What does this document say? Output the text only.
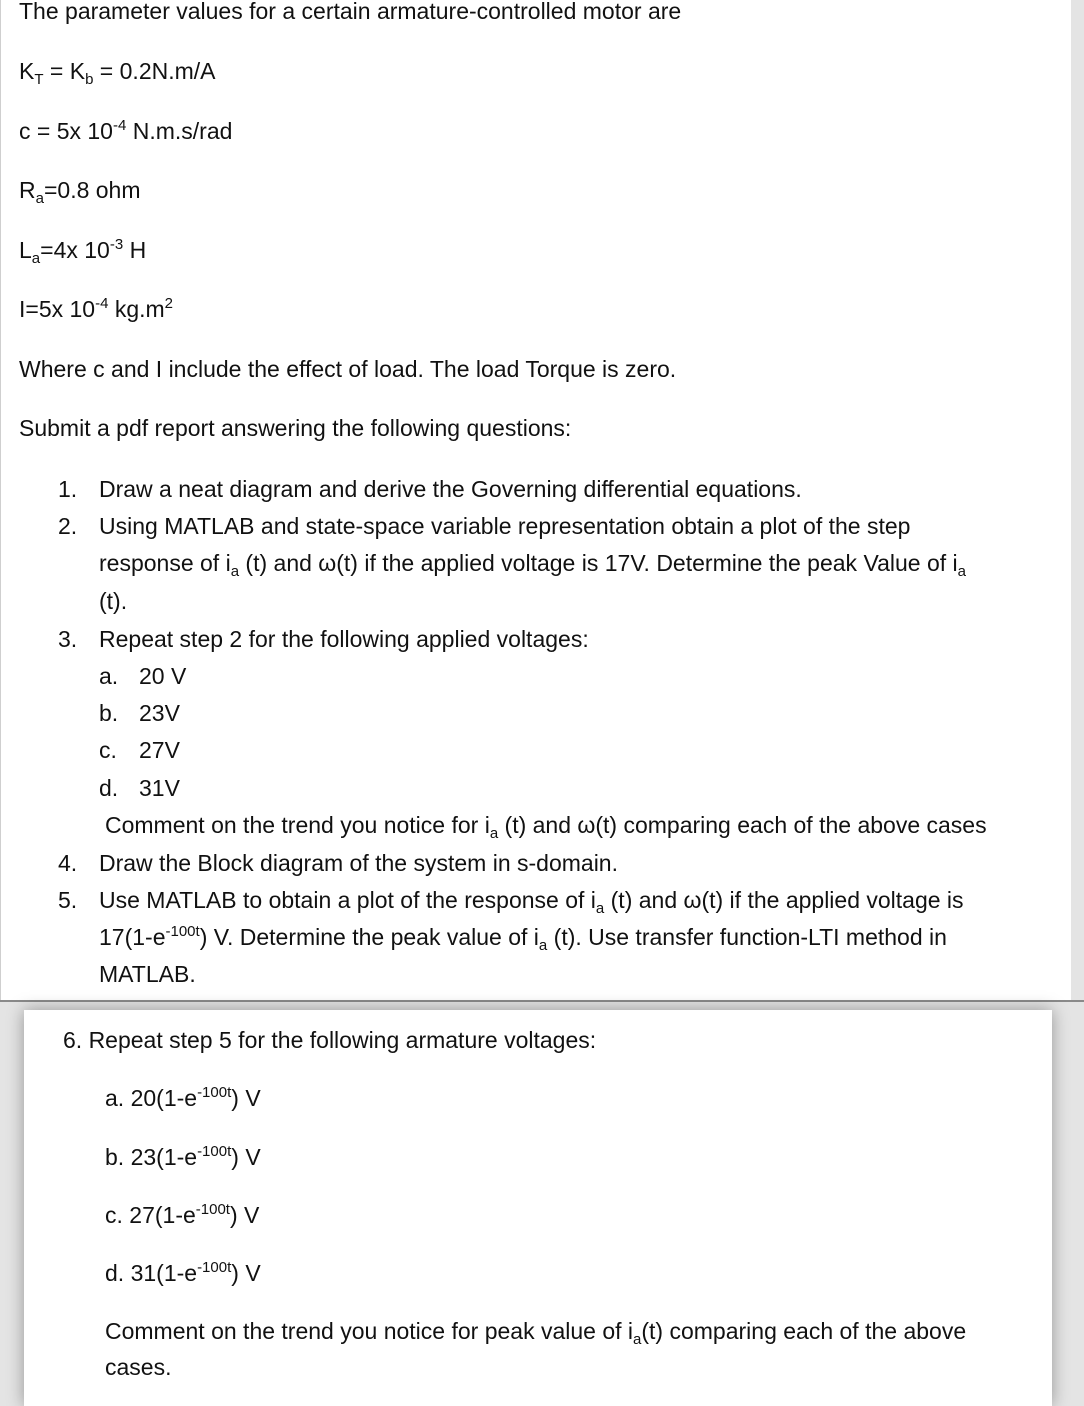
The parameter values for a certain armature-controlled motor are
$K_T = K_b = 0.2N.m/A$
c = 5x $10^{-4}$ N.m.s/rad
$R_a=0.8$ ohm
$L_a=4x$ $10^{-3}$ H
I=5x $10^{-4}$ $kg.m^2$
Where c and I include the effect of load. The load Torque is zero.
Submit a pdf report answering the following questions:
1. Draw a neat diagram and derive the Governing differential equations.
2. Using MATLAB and state-space variable representation obtain a plot of the step
response of $i_a$ (t) and ω(t) if the applied voltage is 17V. Determine the peak Value of $i_a$
(t).
3. Repeat step 2 for the following applied voltages:
a. 20 V
b. 23V
c. 27V
d. 31V
Comment on the trend you notice for $i_a$ (t) and ω(t) comparing each of the above cases
4. Draw the Block diagram of the system in s-domain.
5. Use MATLAB to obtain a plot of the response of $i_a$ (t) and ω(t) if the applied voltage is
$17(1-e^{-100t})$ V. Determine the peak value of $i_a$ (t). Use transfer function-LTI method in
MATLAB.
6. Repeat step 5 for the following armature voltages:
a. $20(1-e^{-100t})$ V
b. $23(1-e^{-100t})$ V
c. $27(1-e^{-100t})$ V
d. $31(1-e^{-100t})$ V
Comment on the trend you notice for peak value of $i_a(t)$ comparing each of the above
cases.
